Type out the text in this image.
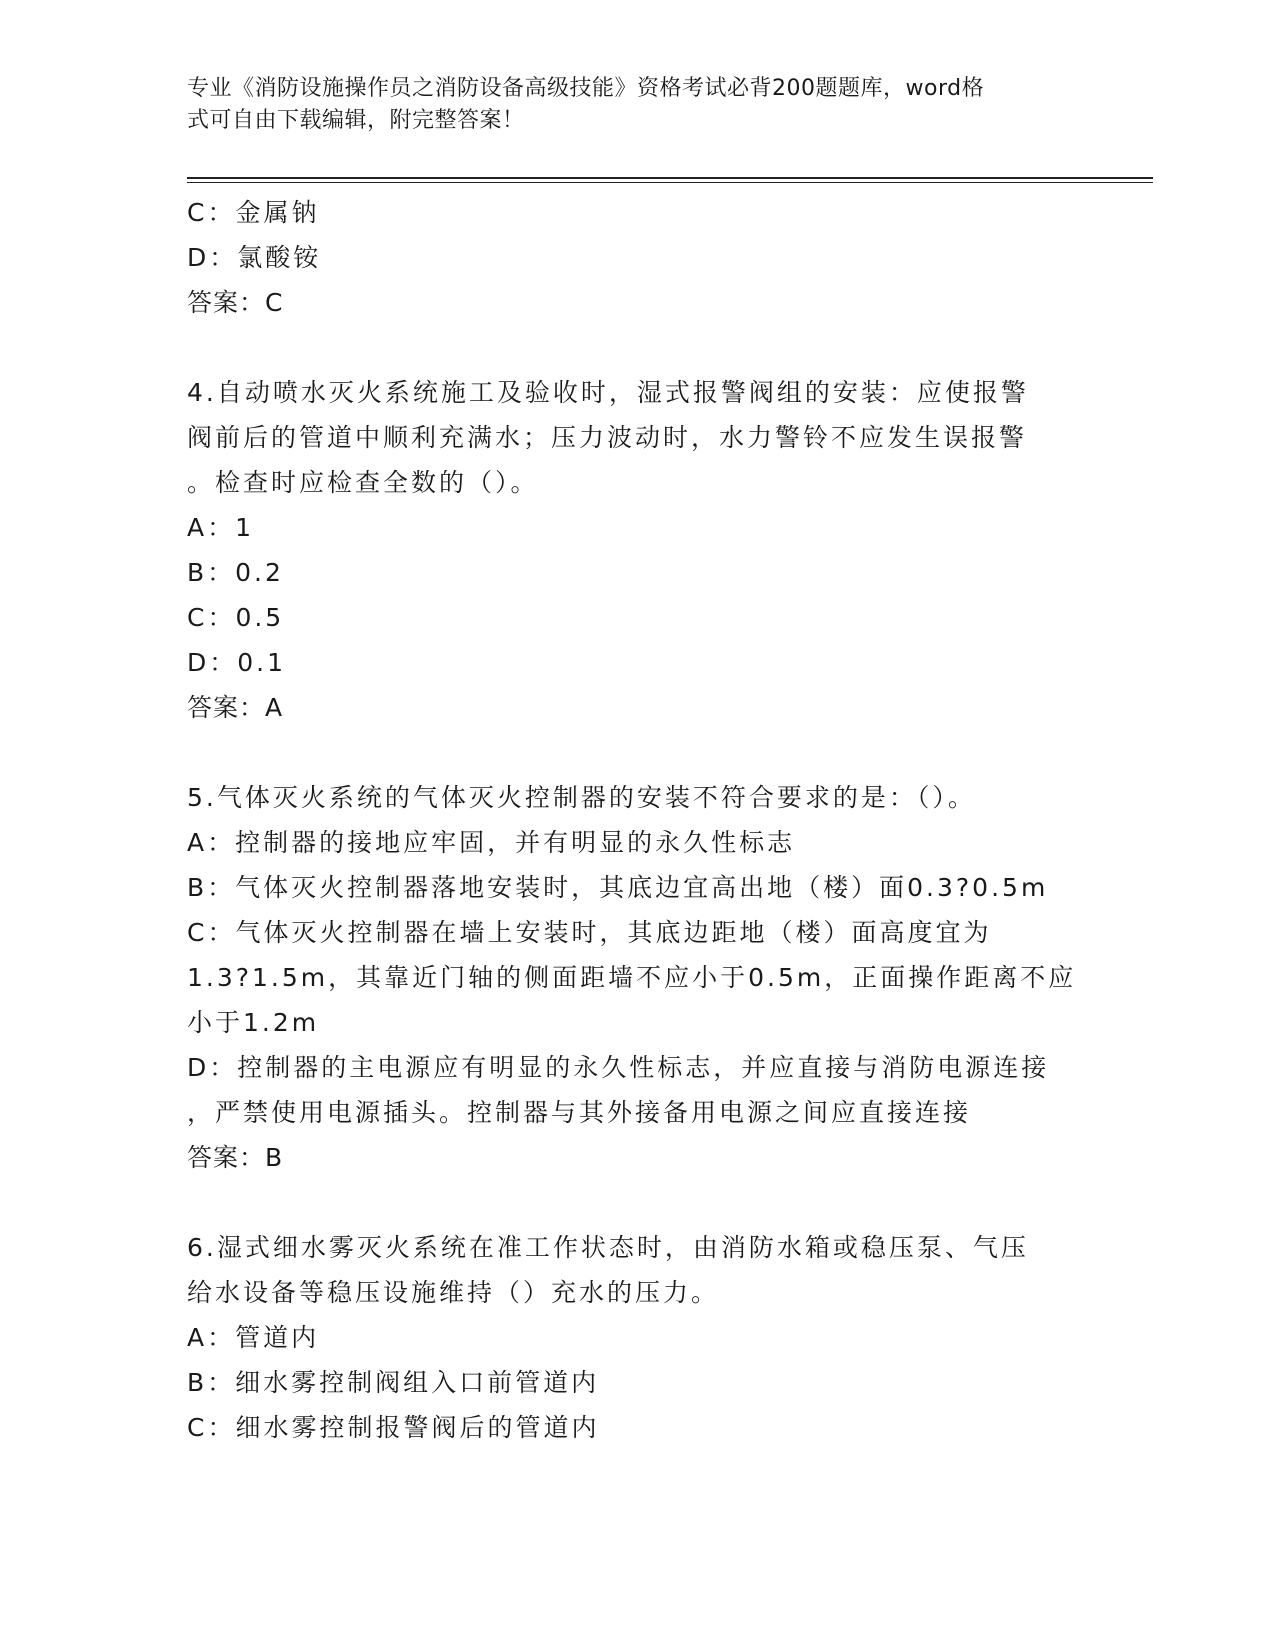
专业《消防设施操作员之消防设备高级技能》资格考试必背200题题库，word格
式可自由下载编辑，附完整答案！
C：金属钠
D：氯酸铵
答案：C
4.自动喷水灭火系统施工及验收时，湿式报警阀组的安装：应使报警
阀前后的管道中顺利充满水；压力波动时，水力警铃不应发生误报警
。检查时应检查全数的（）。
A：1
B：0.2
C：0.5
D：0.1
答案：A
5.气体灭火系统的气体灭火控制器的安装不符合要求的是：（）。
A：控制器的接地应牢固，并有明显的永久性标志
B：气体灭火控制器落地安装时，其底边宜高出地（楼）面0.3?0.5m
C：气体灭火控制器在墙上安装时，其底边距地（楼）面高度宜为
1.3?1.5m，其靠近门轴的侧面距墙不应小于0.5m，正面操作距离不应
小于1.2m
D：控制器的主电源应有明显的永久性标志，并应直接与消防电源连接
，严禁使用电源插头。控制器与其外接备用电源之间应直接连接
答案：B
6.湿式细水雾灭火系统在准工作状态时，由消防水箱或稳压泵、气压
给水设备等稳压设施维持（）充水的压力。
A：管道内
B：细水雾控制阀组入口前管道内
C：细水雾控制报警阀后的管道内
